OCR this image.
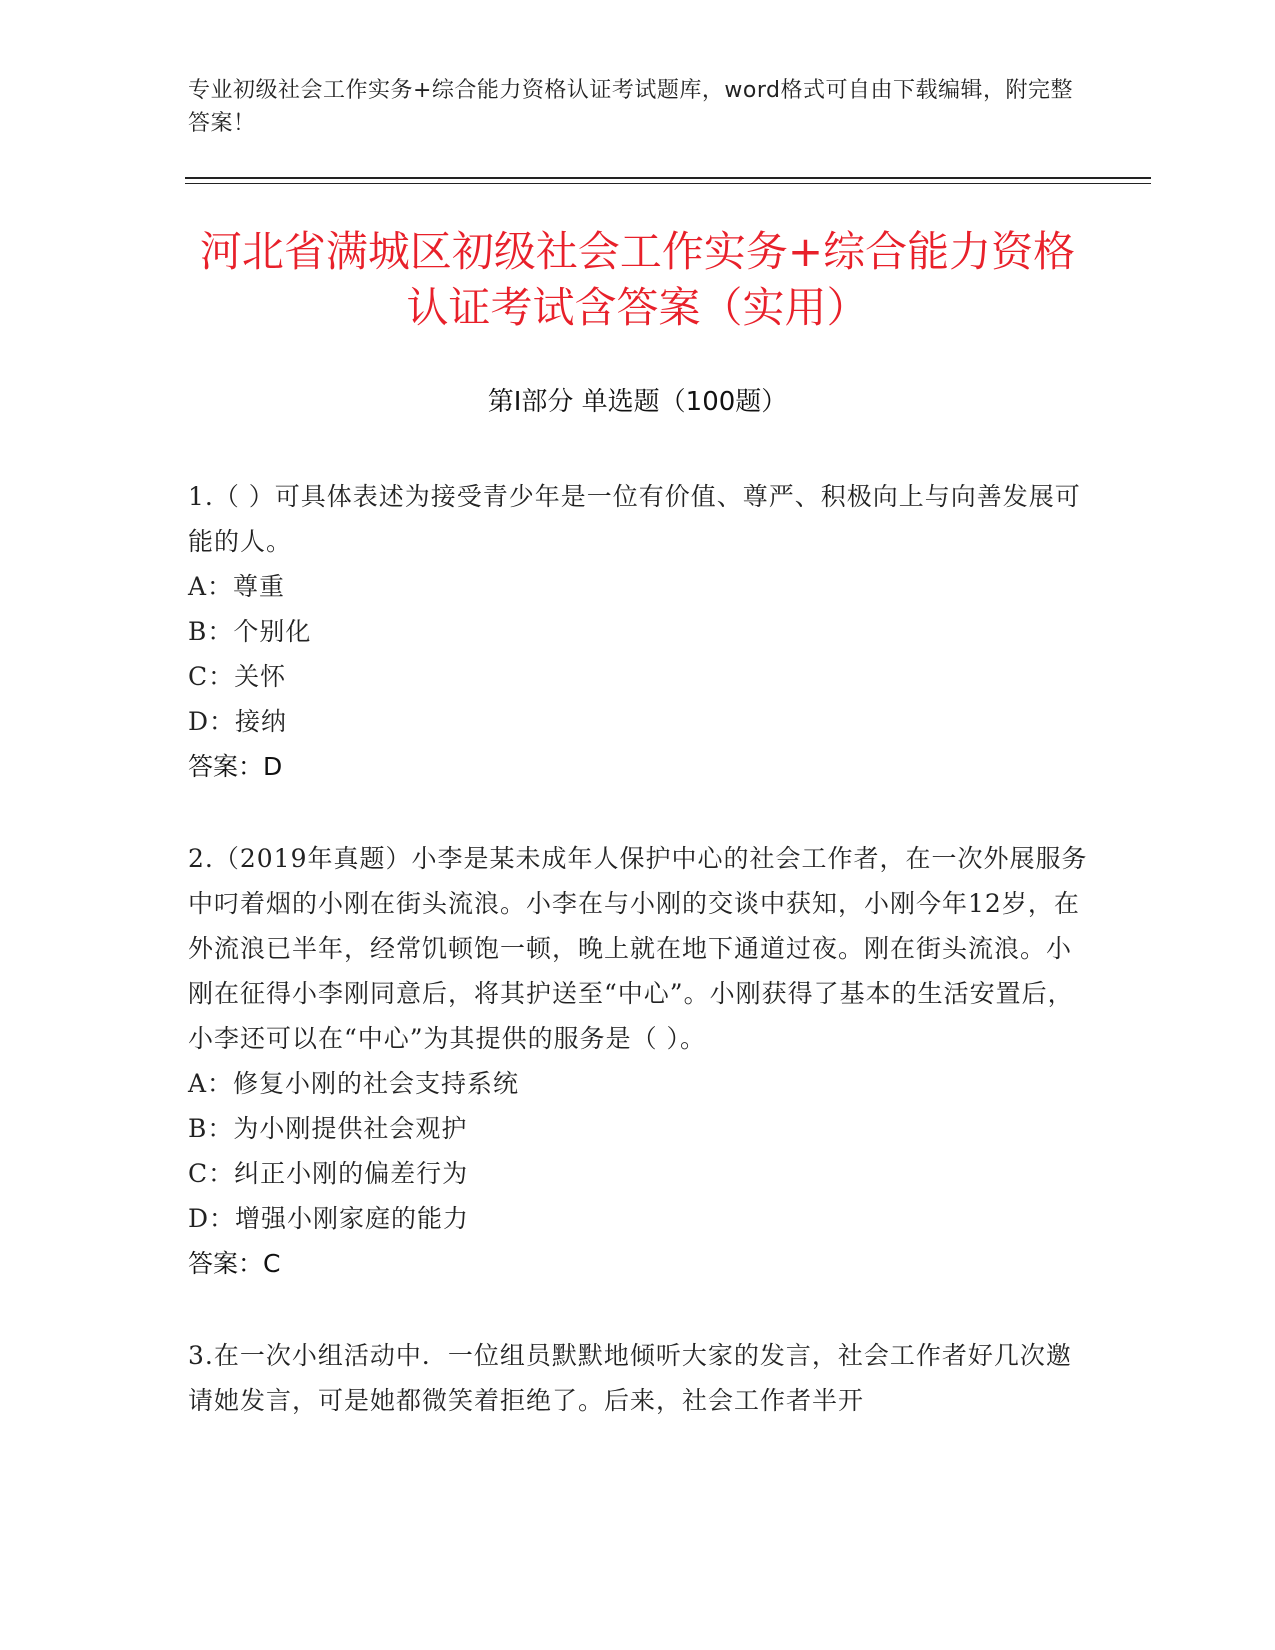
专业初级社会工作实务+综合能力资格认证考试题库，word格式可自由下载编辑，附完整答案！
河北省满城区初级社会工作实务+综合能力资格认证考试含答案（实用）
第Ⅰ部分 单选题（100题）
1.（ ）可具体表述为接受青少年是一位有价值、尊严、积极向上与向善发展可能的人。
A：尊重
B：个别化
C：关怀
D：接纳
答案：D
2.（2019年真题）小李是某未成年人保护中心的社会工作者，在一次外展服务中叼着烟的小刚在街头流浪。小李在与小刚的交谈中获知，小刚今年12岁，在外流浪已半年，经常饥顿饱一顿，晚上就在地下通道过夜。刚在街头流浪。小刚在征得小李刚同意后，将其护送至“中心”。小刚获得了基本的生活安置后，小李还可以在“中心”为其提供的服务是（ ）。
A：修复小刚的社会支持系统
B：为小刚提供社会观护
C：纠正小刚的偏差行为
D：增强小刚家庭的能力
答案：C
3.在一次小组活动中．一位组员默默地倾听大家的发言，社会工作者好几次邀请她发言，可是她都微笑着拒绝了。后来，社会工作者半开
